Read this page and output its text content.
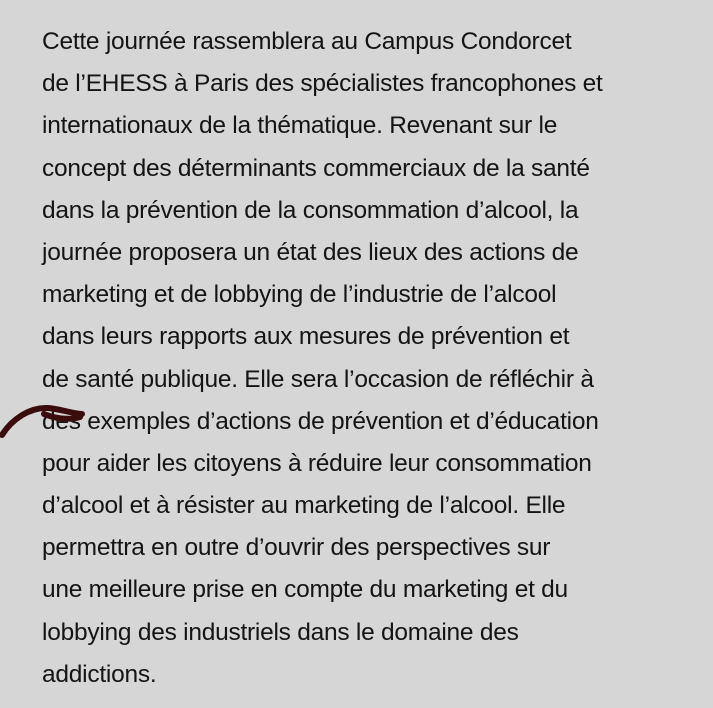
Cette journée rassemblera au Campus Condorcet
de l’EHESS à Paris des spécialistes francophones et
internationaux de la thématique. Revenant sur le
concept des déterminants commerciaux de la santé
dans la prévention de la consommation d’alcool, la
journée proposera un état des lieux des actions de
marketing et de lobbying de l’industrie de l’alcool
dans leurs rapports aux mesures de prévention et
de santé publique. Elle sera l’occasion de réfléchir à
des exemples d’actions de prévention et d’éducation
pour aider les citoyens à réduire leur consommation
d’alcool et à résister au marketing de l’alcool. Elle
permettra en outre d’ouvrir des perspectives sur
une meilleure prise en compte du marketing et du
lobbying des industriels dans le domaine des
addictions.
